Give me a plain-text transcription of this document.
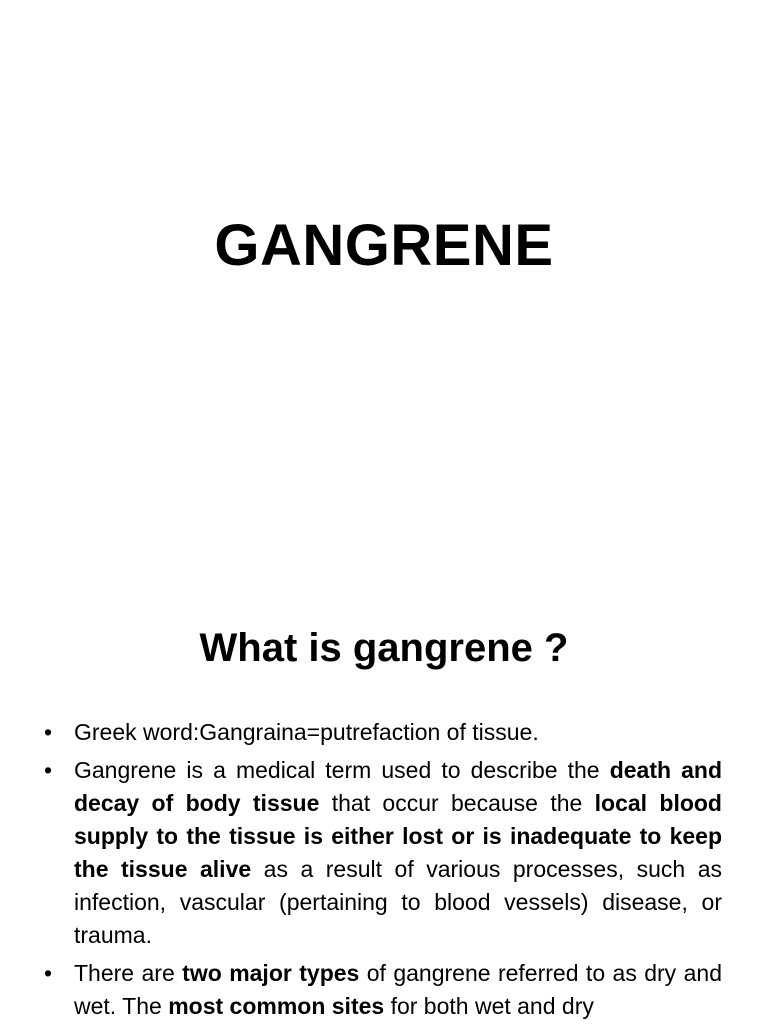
GANGRENE
What is gangrene ?
• Greek word:Gangraina=putrefaction of tissue.
• Gangrene is a medical term used to describe the death and decay of body tissue that occur because the local blood supply to the tissue is either lost or is inadequate to keep the tissue alive as a result of various processes, such as infection, vascular (pertaining to blood vessels) disease, or trauma.
• There are two major types of gangrene referred to as dry and wet. The most common sites for both wet and dry
